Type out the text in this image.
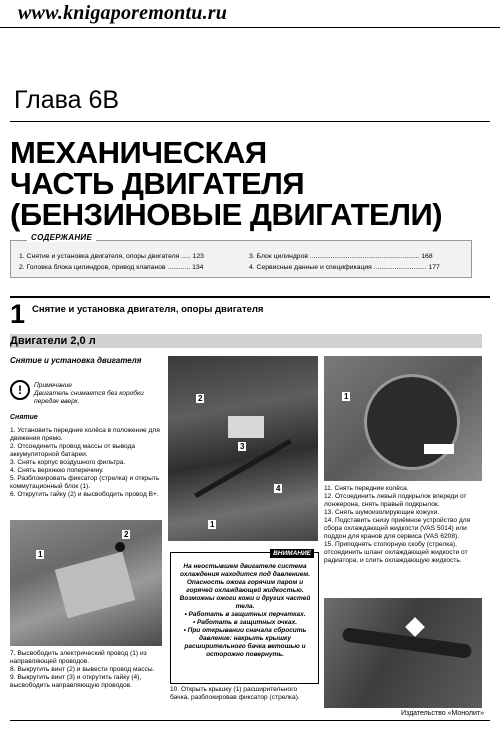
www.knigaporemontu.ru
Глава 6В
МЕХАНИЧЕСКАЯ
ЧАСТЬ ДВИГАТЕЛЯ
(БЕНЗИНОВЫЕ ДВИГАТЕЛИ)
СОДЕРЖАНИЕ
1. Снятие и установка двигателя, опоры двигателя ..... 123
2. Головка блока цилиндров, привод клапанов ............ 134
3. Блок цилиндров .......................................................... 168
4. Сервисные данные и спецификация ............................ 177
1 Снятие и установка двигателя, опоры двигателя
Двигатели 2,0 л
Снятие и установка двигателя
!	Примечание
Двигатель снимается без коробки передач вверх.
Снятие
1. Установить передние колёса в положение для движения прямо.
2. Отсоединить провод массы от вывода аккумуляторной батареи.
3. Снять корпус воздушного фильтра.
4. Снять верхнюю поперечину.
5. Разблокировать фиксатор (стрелка) и открыть коммутационный блок (1).
6. Открутить гайку (2) и высвободить провод B+.
1
2
7. Высвободить электрический провод (1) из направляющей проводов.
8. Выкрутить винт (2) и вывести провод массы.
9. Выкрутить винт (3) и открутить гайку (4), высвободить направляющую проводов.
2
3
4
1
ВНИМАНИЕ
На неостывшем двигателе система охлаждения находится под давлением. Опасность ожога горячим паром и горячей охлаждающей жидкостью. Возможны ожоги кожи и других частей тела.
• Работать в защитных перчатках.
• Работать в защитных очках.
• При открывании сначала сбросить давление: накрыть крышку расширительного бачка ветошью и осторожно повернуть.
10. Открыть крышку (1) расширительного бачка, разблокировав фиксатор (стрелка).
1
11. Снять передние колёса.
12. Отсоединить левый подкрылок впереди от лонжерона, снять правый подкрылок.
13. Снять шумоизолирующие кожухи.
14. Подставить снизу приёмное устройство для сбора охлаждающей жидкости (VAS 5014) или поддон для кранов для сервиса (VAS 6208).
15. Приподнять стопорную скобу (стрелка), отсоединить шланг охлаждающей жидкости от радиатора, и слить охлаждающую жидкость.
Издательство «Монолит»
